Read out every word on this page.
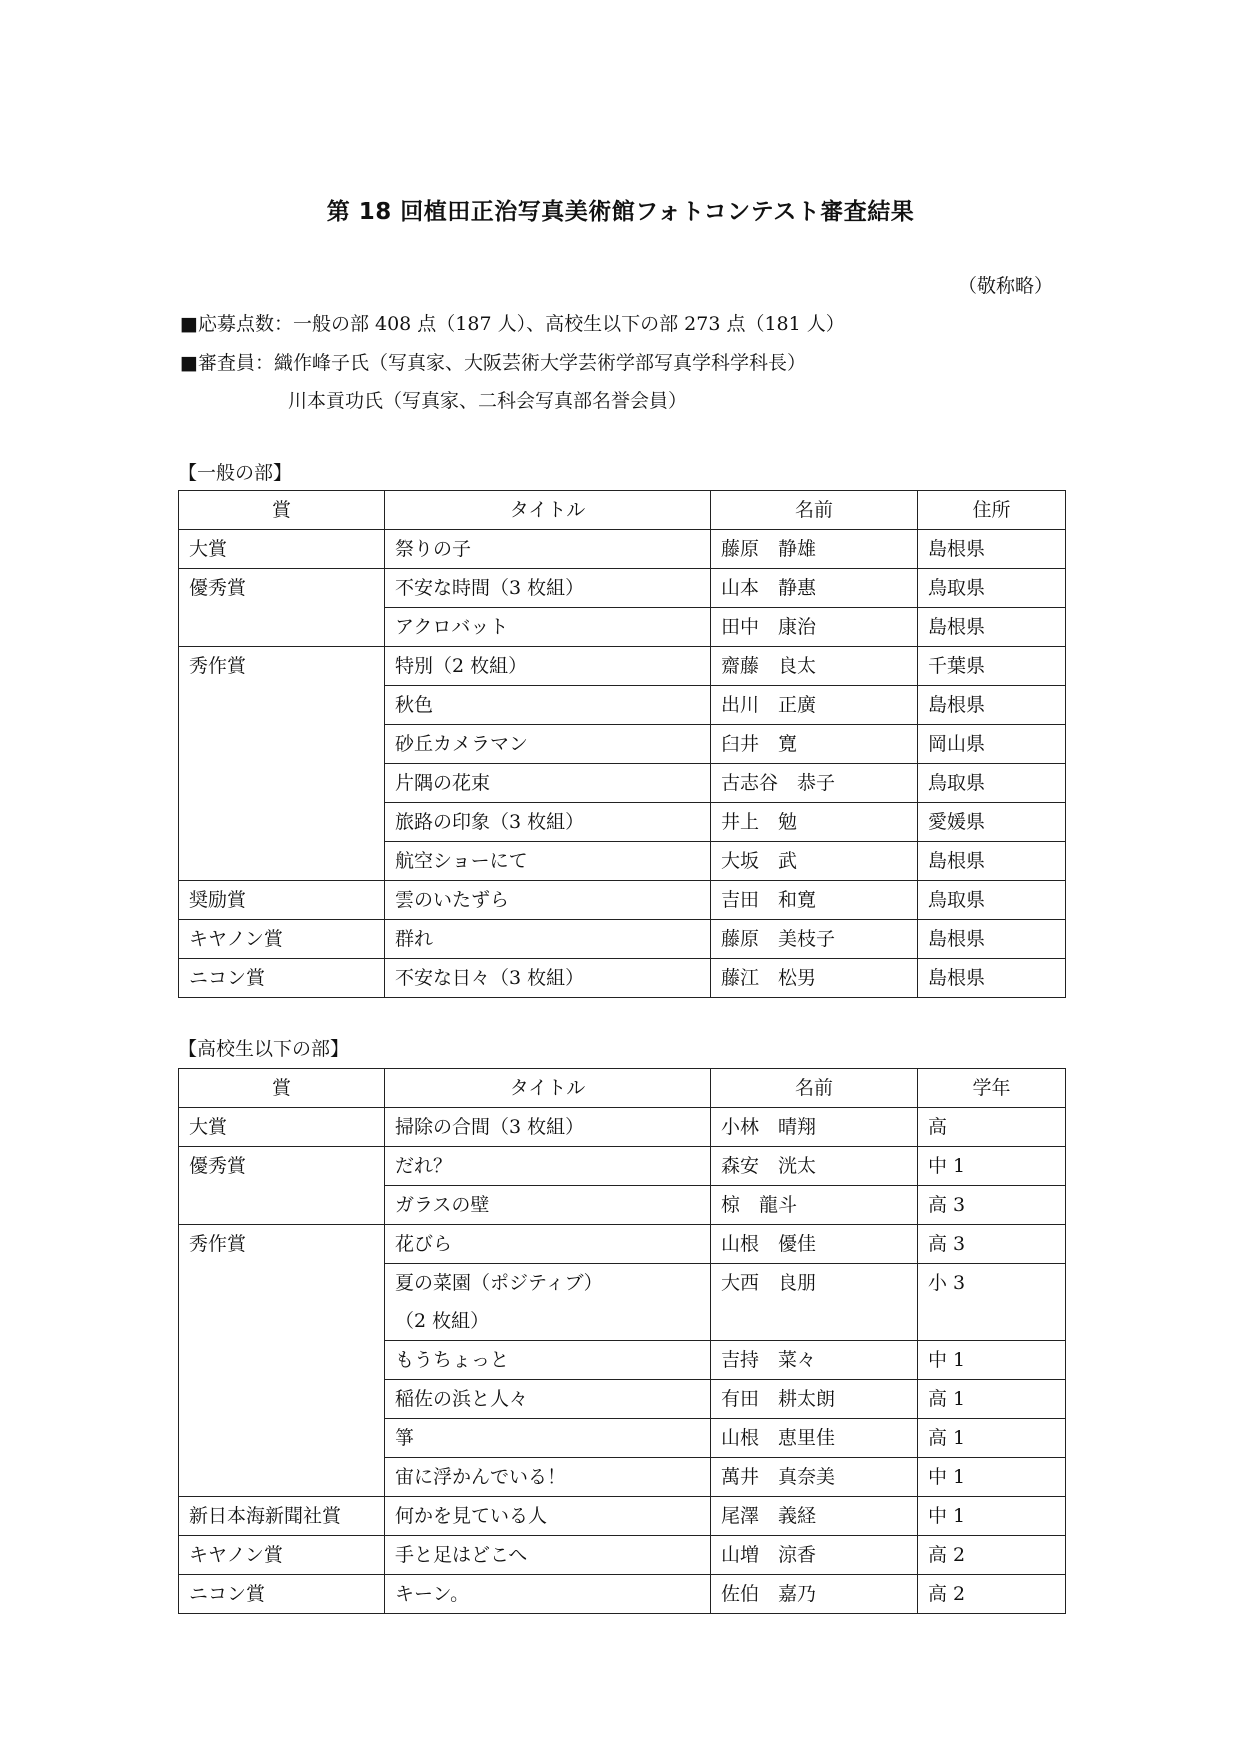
第 18 回植田正治写真美術館フォトコンテスト審査結果
（敬称略）
■応募点数：一般の部 408 点（187 人）、高校生以下の部 273 点（181 人）
■審査員：織作峰子氏（写真家、大阪芸術大学芸術学部写真学科学科長）
川本貢功氏（写真家、二科会写真部名誉会員）
【一般の部】
賞	タイトル	名前	住所
大賞	祭りの子	藤原　静雄	島根県
優秀賞	不安な時間（3 枚組）	山本　静惠	鳥取県

	アクロバット	田中　康治	島根県
秀作賞	特別（2 枚組）	齋藤　良太	千葉県

	秋色	出川　正廣	島根県

	砂丘カメラマン	臼井　寛	岡山県

	片隅の花束	古志谷　恭子	鳥取県

	旅路の印象（3 枚組）	井上　勉	愛媛県

	航空ショーにて	大坂　武	島根県
奨励賞	雲のいたずら	吉田　和寛	鳥取県
キヤノン賞	群れ	藤原　美枝子	島根県
ニコン賞	不安な日々（3 枚組）	藤江　松男	島根県
【高校生以下の部】
賞	タイトル	名前	学年
大賞	掃除の合間（3 枚組）	小林　晴翔	高
優秀賞	だれ？	森安　洸太	中 1

	ガラスの壁	椋　龍斗	高 3
秀作賞	花びら	山根　優佳	高 3

	夏の菜園（ポジティブ）
（2 枚組）	大西　良朋	小 3

	もうちょっと	吉持　菜々	中 1

	稲佐の浜と人々	有田　耕太朗	高 1

	箏	山根　恵里佳	高 1

	宙に浮かんでいる！	萬井　真奈美	中 1
新日本海新聞社賞	何かを見ている人	尾澤　義経	中 1
キヤノン賞	手と足はどこへ	山増　涼香	高 2
ニコン賞	キーン。	佐伯　嘉乃	高 2
